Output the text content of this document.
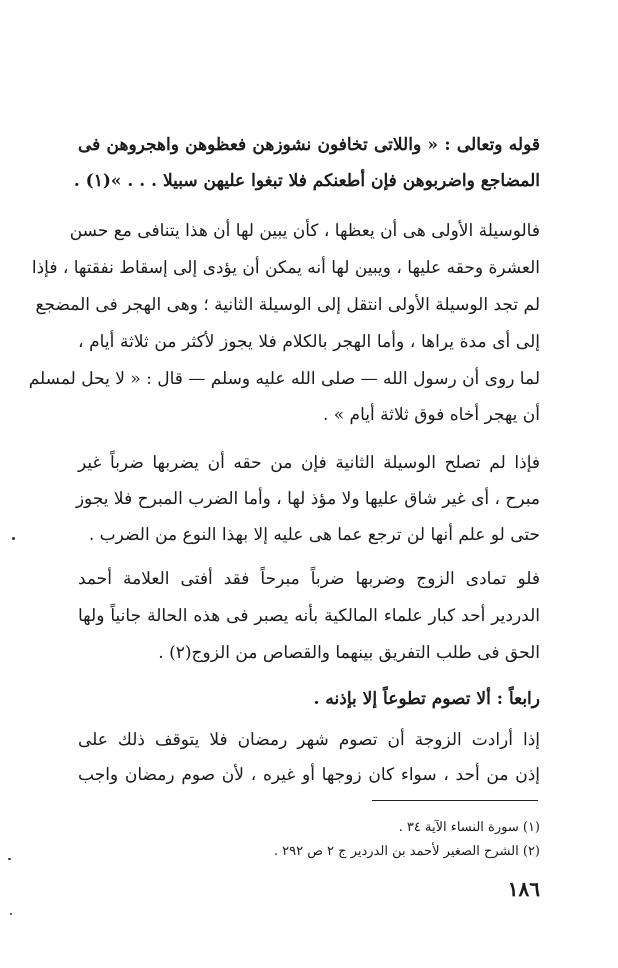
قوله وتعالى : « واللاتى تخافون نشوزهن فعظوهن واهجروهن فى
المضاجع واضربوهن فإن أطعنكم فلا تبغوا عليهن سبيلا . . . »(١) .
فالوسيلة الأولى هى أن يعظها ، كأن يبين لها أن هذا يتنافى مع حسن
العشرة وحقه عليها ، ويبين لها أنه يمكن أن يؤدى إلى إسقاط نفقتها ، فإذا
لم تجد الوسيلة الأولى انتقل إلى الوسيلة الثانية ؛ وهى الهجر فى المضجع
إلى أى مدة يراها ، وأما الهجر بالكلام فلا يجوز لأكثر من ثلاثة أيام ،
لما روى أن رسول الله — صلى الله عليه وسلم — قال : « لا يحل لمسلم
أن يهجر أخاه فوق ثلاثة أيام » .
فإذا لم تصلح الوسيلة الثانية فإن من حقه أن يضربها ضرباً غير
مبرح ، أى غير شاق عليها ولا مؤذ لها ، وأما الضرب المبرح فلا يجوز
حتى لو علم أنها لن ترجع عما هى عليه إلا بهذا النوع من الضرب .
فلو تمادى الزوج وضربها ضرباً مبرحاً فقد أفتى العلامة أحمد
الدردير أحد كبار علماء المالكية بأنه يصبر فى هذه الحالة جانياً ولها
الحق فى طلب التفريق بينهما والقصاص من الزوج(٢) .
رابعاً : ألا تصوم تطوعاً إلا بإذنه .
إذا أرادت الزوجة أن تصوم شهر رمضان فلا يتوقف ذلك على
إذن من أحد ، سواء كان زوجها أو غيره ، لأن صوم رمضان واجب
(١) سورة النساء الآية ٣٤ .
(٢) الشرح الصغير لأحمد بن الدردير ج ٢ ص ٢٩٢ .
١٨٦
